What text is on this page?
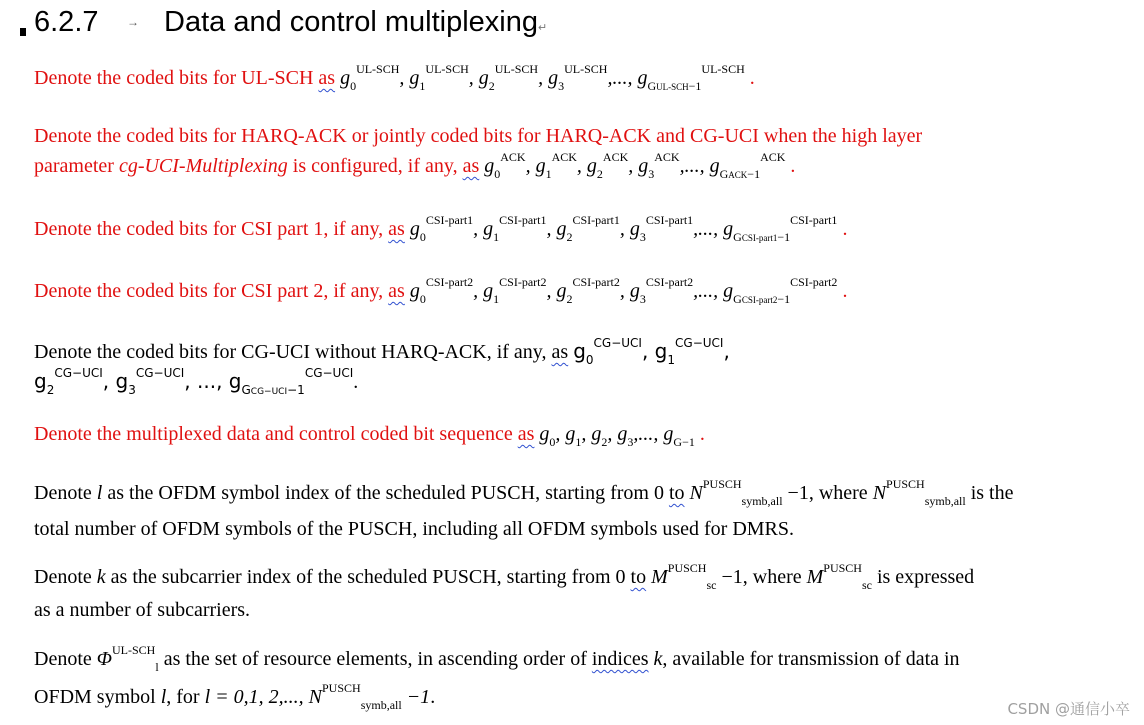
6.2.7 → Data and control multiplexing↵
Denote the coded bits for UL-SCH as $g_0^{UL-SCH}$, $g_1^{UL-SCH}$, $g_2^{UL-SCH}$, $g_3^{UL-SCH}$,..., $g_{GUL-SCH-1}^{UL-SCH}$ .
Denote the coded bits for HARQ-ACK or jointly coded bits for HARQ-ACK and CG-UCI when the high layer
parameter cg-UCI-Multiplexing is configured, if any, as $g_0^{ACK}$, $g_1^{ACK}$, $g_2^{ACK}$, $g_3^{ACK}$,..., $g_{GACK-1}^{ACK}$ .
Denote the coded bits for CSI part 1, if any, as $g_0^{CSI-part1}$, $g_1^{CSI-part1}$, $g_2^{CSI-part1}$, $g_3^{CSI-part1}$,..., $g_{GCSI-part1-1}^{CSI-part1}$ .
Denote the coded bits for CSI part 2, if any, as $g_0^{CSI-part2}$, $g_1^{CSI-part2}$, $g_2^{CSI-part2}$, $g_3^{CSI-part2}$,..., $g_{GCSI-part2-1}^{CSI-part2}$ .
Denote the coded bits for CG-UCI without HARQ-ACK, if any, as $g_0^{CG-UCI}$, $g_1^{CG-UCI}$,
$g_2^{CG-UCI}$, $g_3^{CG-UCI}$, ..., $g_{GCG-UCI-1}^{CG-UCI}$.
Denote the multiplexed data and control coded bit sequence as $g_0$, $g_1$, $g_2$, $g_3$,..., $g_{G-1}$ .
Denote l as the OFDM symbol index of the scheduled PUSCH, starting from 0 to $N^{PUSCH}_{symb,all} -1$, where $N^{PUSCH}_{symb,all}$ is the
total number of OFDM symbols of the PUSCH, including all OFDM symbols used for DMRS.
Denote k as the subcarrier index of the scheduled PUSCH, starting from 0 to $M^{PUSCH}_{sc} -1$, where $M^{PUSCH}_{sc}$ is expressed
as a number of subcarriers.
Denote $\Phi^{UL-SCH}_l$ as the set of resource elements, in ascending order of indices k, available for transmission of data in
OFDM symbol l, for l = 0,1, 2,..., $N^{PUSCH}_{symb,all} -1$.
CSDN @通信小卒
